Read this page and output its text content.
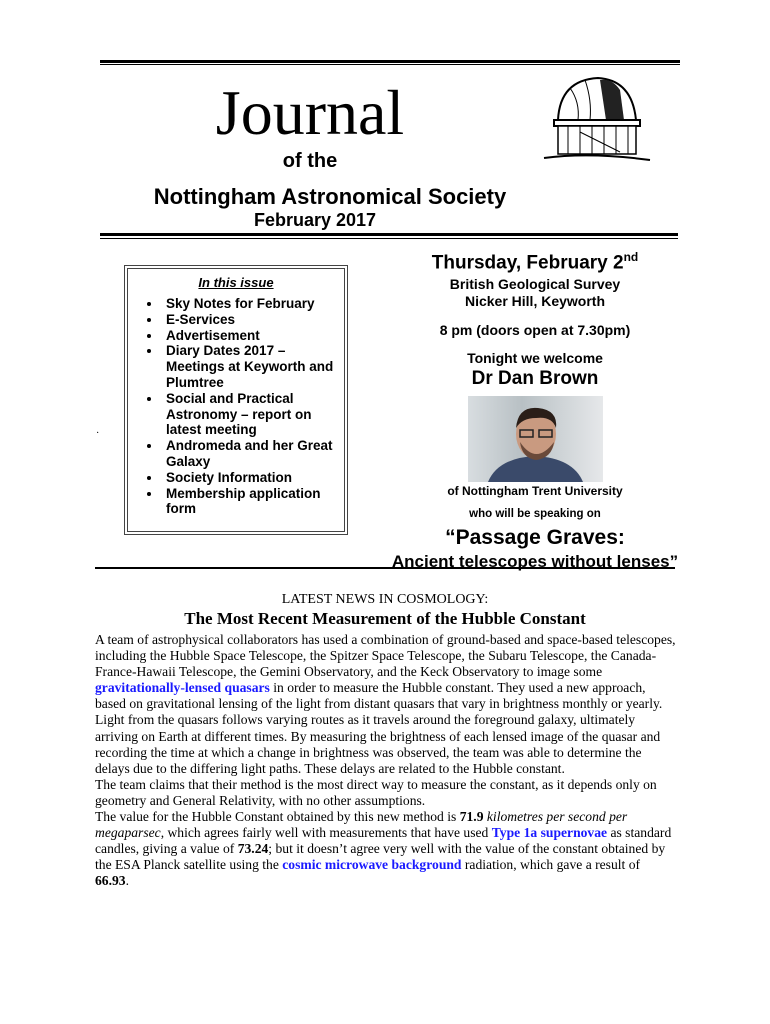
Journal
of the
Nottingham Astronomical Society
February 2017
In this issue
• Sky Notes for February
• E-Services
• Advertisement
• Diary Dates 2017 – Meetings at Keyworth and Plumtree
• Social and Practical Astronomy – report on latest meeting
• Andromeda and her Great Galaxy
• Society Information
• Membership application form
·
Thursday, February 2nd
British Geological Survey
Nicker Hill, Keyworth
8 pm (doors open at 7.30pm)
Tonight we welcome
Dr Dan Brown
of Nottingham Trent University
who will be speaking on
“Passage Graves:
Ancient telescopes without lenses”
LATEST NEWS IN COSMOLOGY:
The Most Recent Measurement of the Hubble Constant

A team of astrophysical collaborators has used a combination of ground-based and space-based telescopes, including the Hubble Space Telescope, the Spitzer Space Telescope, the Subaru Telescope, the Canada-France-Hawaii Telescope, the Gemini Observatory, and the Keck Observatory to image some gravitationally-lensed quasars in order to measure the Hubble constant. They used a new approach, based on gravitational lensing of the light from distant quasars that vary in brightness monthly or yearly.

Light from the quasars follows varying routes as it travels around the foreground galaxy, ultimately arriving on Earth at different times. By measuring the brightness of each lensed image of the quasar and recording the time at which a change in brightness was observed, the team was able to determine the delays due to the differing light paths. These delays are related to the Hubble constant.

The team claims that their method is the most direct way to measure the constant, as it depends only on geometry and General Relativity, with no other assumptions.

The value for the Hubble Constant obtained by this new method is 71.9 kilometres per second per megaparsec, which agrees fairly well with measurements that have used Type 1a supernovae as standard candles, giving a value of 73.24; but it doesn’t agree very well with the value of the constant obtained by the ESA Planck satellite using the cosmic microwave background radiation, which gave a result of 66.93.
